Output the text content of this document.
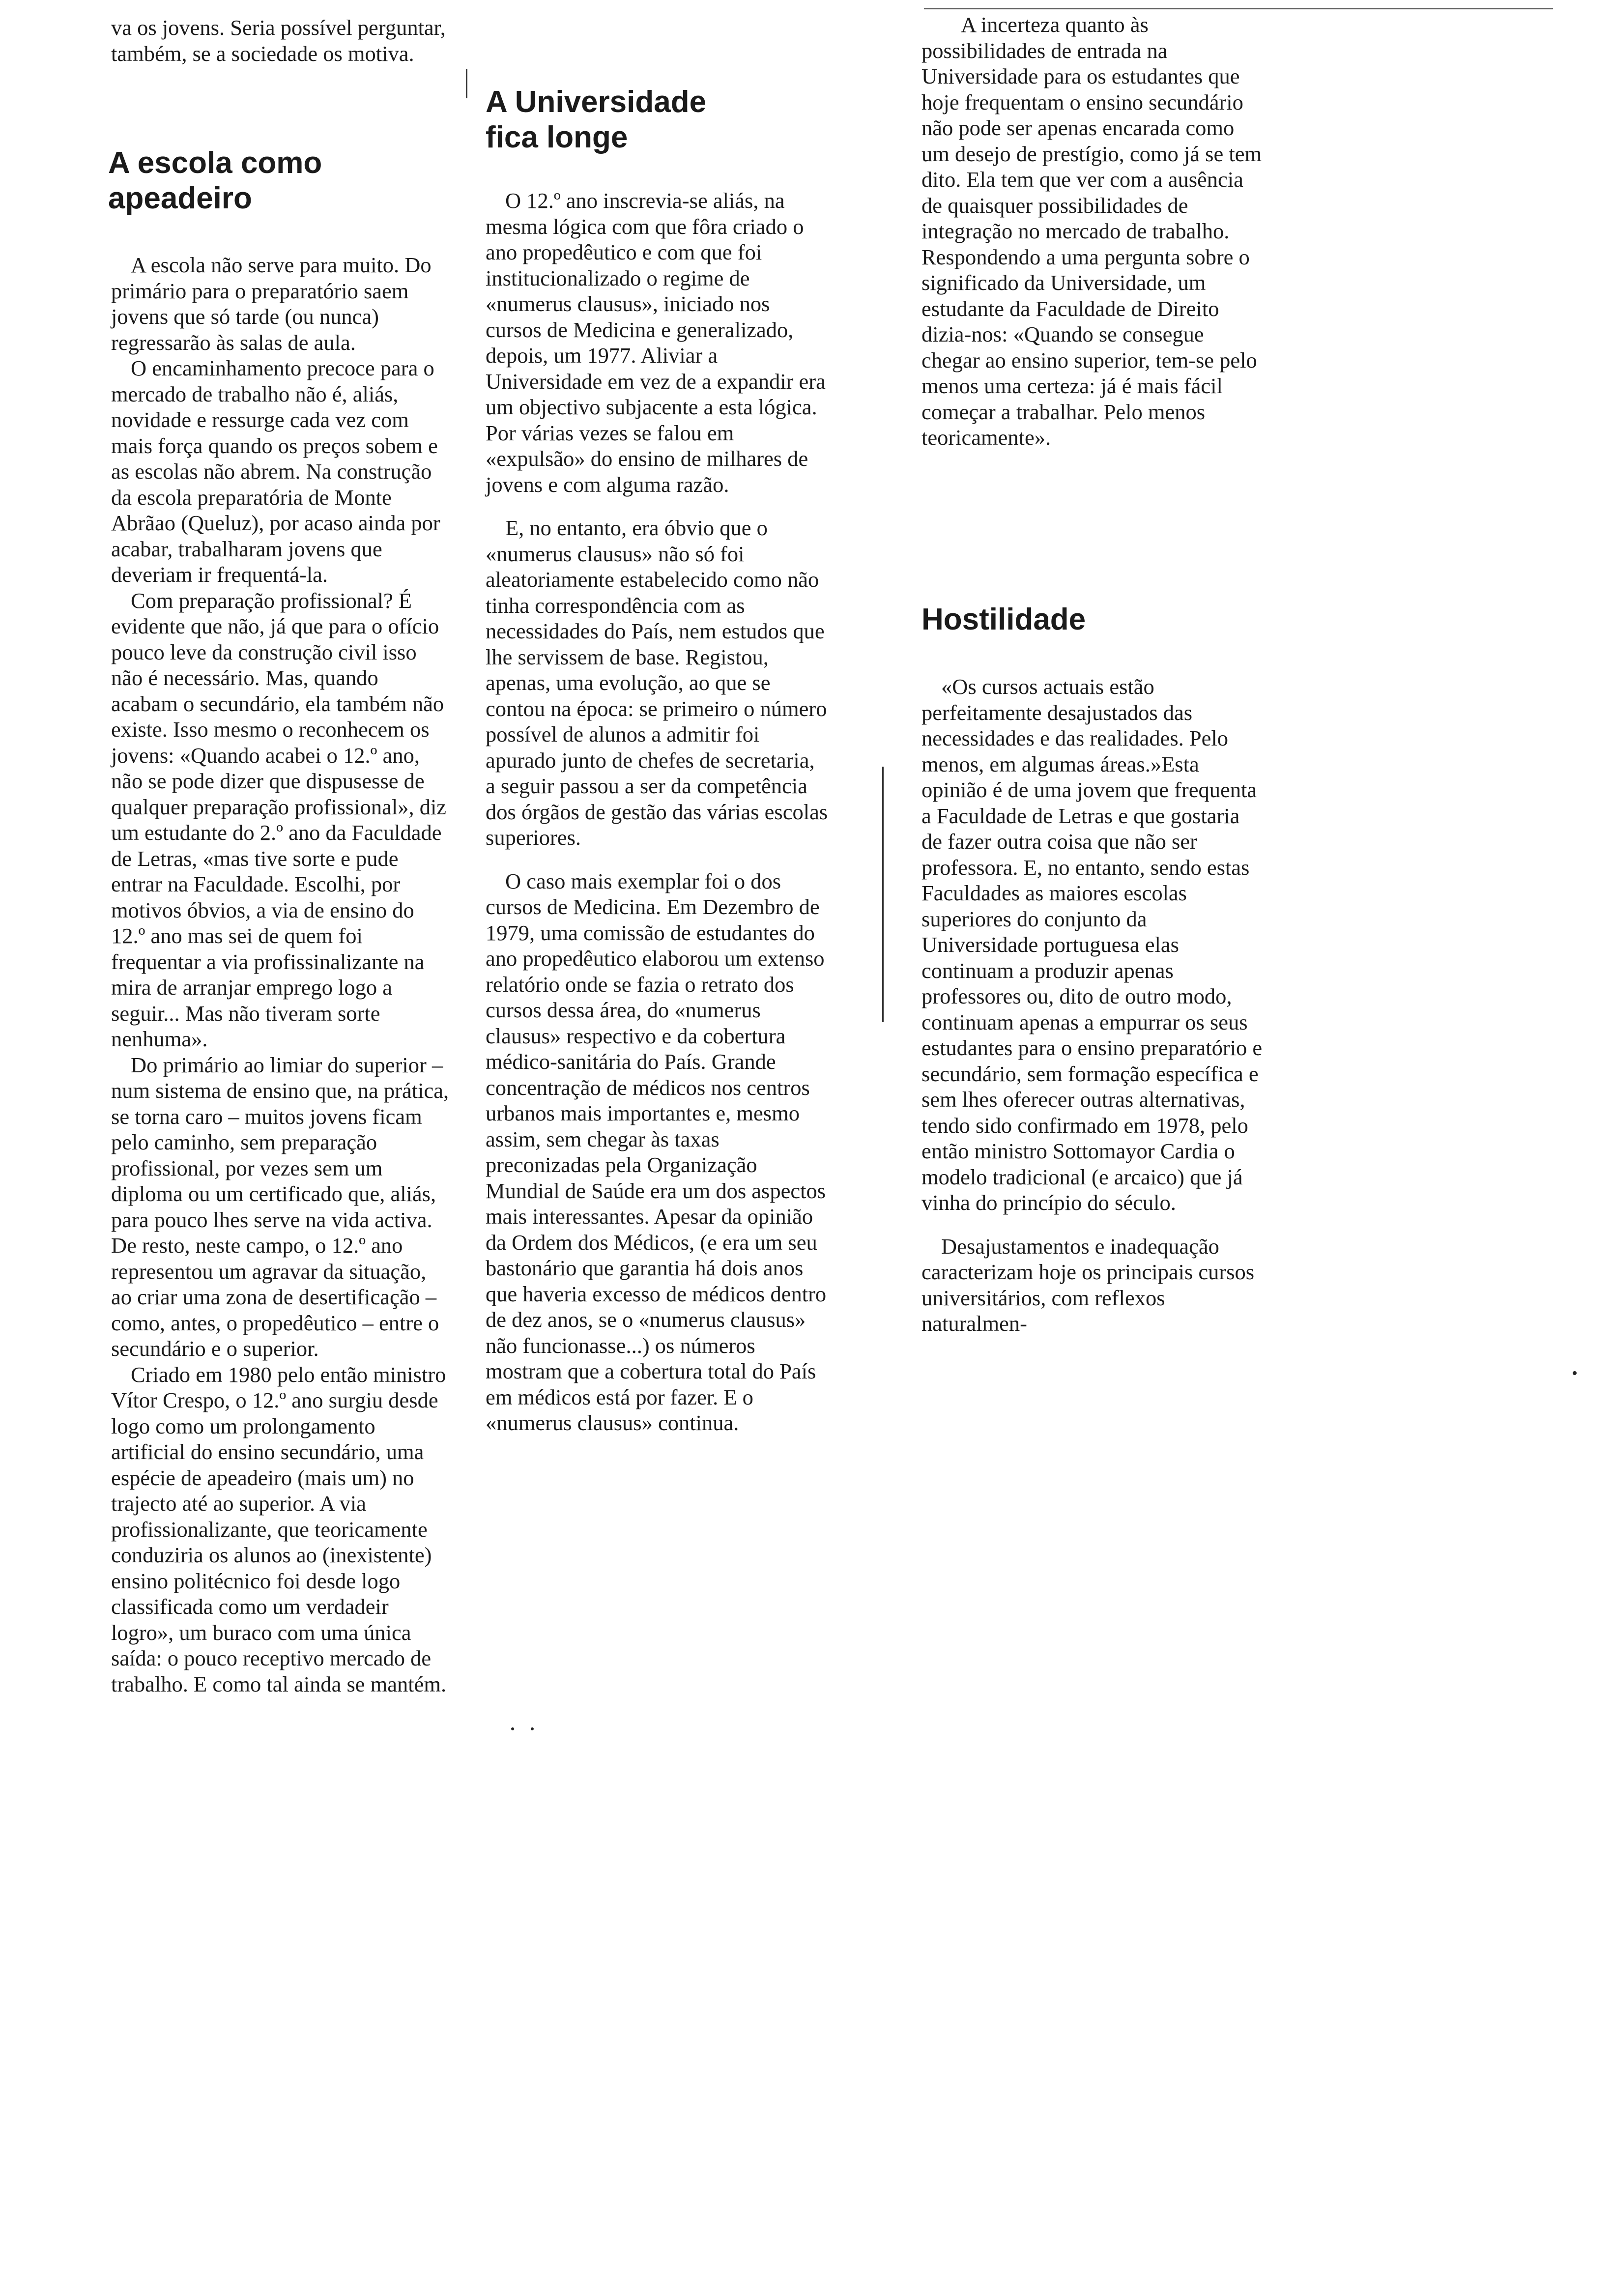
va os jovens. Seria possível perguntar, também, se a sociedade os motiva.

A escola como apeadeiro

A escola não serve para muito. Do primário para o preparatório saem jovens que só tarde (ou nunca) regressarão às salas de aula.

O encaminhamento precoce para o mercado de trabalho não é, aliás, novidade e ressurge cada vez com mais força quando os preços sobem e as escolas não abrem. Na construção da escola preparatória de Monte Abrãao (Queluz), por acaso ainda por acabar, trabalharam jovens que deveriam ir frequentá-la.

Com preparação profissional? É evidente que não, já que para o ofício pouco leve da construção civil isso não é necessário. Mas, quando acabam o secundário, ela também não existe. Isso mesmo o reconhecem os jovens: «Quando acabei o 12.º ano, não se pode dizer que dispusesse de qualquer preparação profissional», diz um estudante do 2.º ano da Faculdade de Letras, «mas tive sorte e pude entrar na Faculdade. Escolhi, por motivos óbvios, a via de ensino do 12.º ano mas sei de quem foi frequentar a via profissinalizante na mira de arranjar emprego logo a seguir... Mas não tiveram sorte nenhuma».

Do primário ao limiar do superior – num sistema de ensino que, na prática, se torna caro – muitos jovens ficam pelo caminho, sem preparação profissional, por vezes sem um diploma ou um certificado que, aliás, para pouco lhes serve na vida activa. De resto, neste campo, o 12.º ano representou um agravar da situação, ao criar uma zona de desertificação – como, antes, o propedêutico – entre o secundário e o superior.

Criado em 1980 pelo então ministro Vítor Crespo, o 12.º ano surgiu desde logo como um prolongamento artificial do ensino secundário, uma espécie de apeadeiro (mais um) no trajecto até ao superior. A via profissionalizante, que teoricamente conduziria os alunos ao (inexistente) ensino politécnico foi desde logo classificada como um verdadeir logro», um buraco com uma única saída: o pouco receptivo mercado de trabalho. E como tal ainda se mantém.

A Universidade fica longe

O 12.º ano inscrevia-se aliás, na mesma lógica com que fôra criado o ano propedêutico e com que foi institucionalizado o regime de «numerus clausus», iniciado nos cursos de Medicina e generalizado, depois, um 1977. Aliviar a Universidade em vez de a expandir era um objectivo subjacente a esta lógica. Por várias vezes se falou em «expulsão» do ensino de milhares de jovens e com alguma razão.

E, no entanto, era óbvio que o «numerus clausus» não só foi aleatoriamente estabelecido como não tinha correspondência com as necessidades do País, nem estudos que lhe servissem de base. Registou, apenas, uma evolução, ao que se contou na época: se primeiro o número possível de alunos a admitir foi apurado junto de chefes de secretaria, a seguir passou a ser da competência dos órgãos de gestão das várias escolas superiores.

O caso mais exemplar foi o dos cursos de Medicina. Em Dezembro de 1979, uma comissão de estudantes do ano propedêutico elaborou um extenso relatório onde se fazia o retrato dos cursos dessa área, do «numerus clausus» respectivo e da cobertura médico-sanitária do País. Grande concentração de médicos nos centros urbanos mais importantes e, mesmo assim, sem chegar às taxas preconizadas pela Organização Mundial de Saúde era um dos aspectos mais interessantes. Apesar da opinião da Ordem dos Médicos, (e era um seu bastonário que garantia há dois anos que haveria excesso de médicos dentro de dez anos, se o «numerus clausus» não funcionasse...) os números mostram que a cobertura total do País em médicos está por fazer. E o «numerus clausus» continua.

A incerteza quanto às possibilidades de entrada na Universidade para os estudantes que hoje frequentam o ensino secundário não pode ser apenas encarada como um desejo de prestígio, como já se tem dito. Ela tem que ver com a ausência de quaisquer possibilidades de integração no mercado de trabalho. Respondendo a uma pergunta sobre o significado da Universidade, um estudante da Faculdade de Direito dizia-nos: «Quando se consegue chegar ao ensino superior, tem-se pelo menos uma certeza: já é mais fácil começar a trabalhar. Pelo menos teoricamente».

Hostilidade

«Os cursos actuais estão perfeitamente desajustados das necessidades e das realidades. Pelo menos, em algumas áreas.»Esta opinião é de uma jovem que frequenta a Faculdade de Letras e que gostaria de fazer outra coisa que não ser professora. E, no entanto, sendo estas Faculdades as maiores escolas superiores do conjunto da Universidade portuguesa elas continuam a produzir apenas professores ou, dito de outro modo, continuam apenas a empurrar os seus estudantes para o ensino preparatório e secundário, sem formação específica e sem lhes oferecer outras alternativas, tendo sido confirmado em 1978, pelo então ministro Sottomayor Cardia o modelo tradicional (e arcaico) que já vinha do princípio do século.

Desajustamentos e inadequação caracterizam hoje os principais cursos universitários, com reflexos naturalmen-
